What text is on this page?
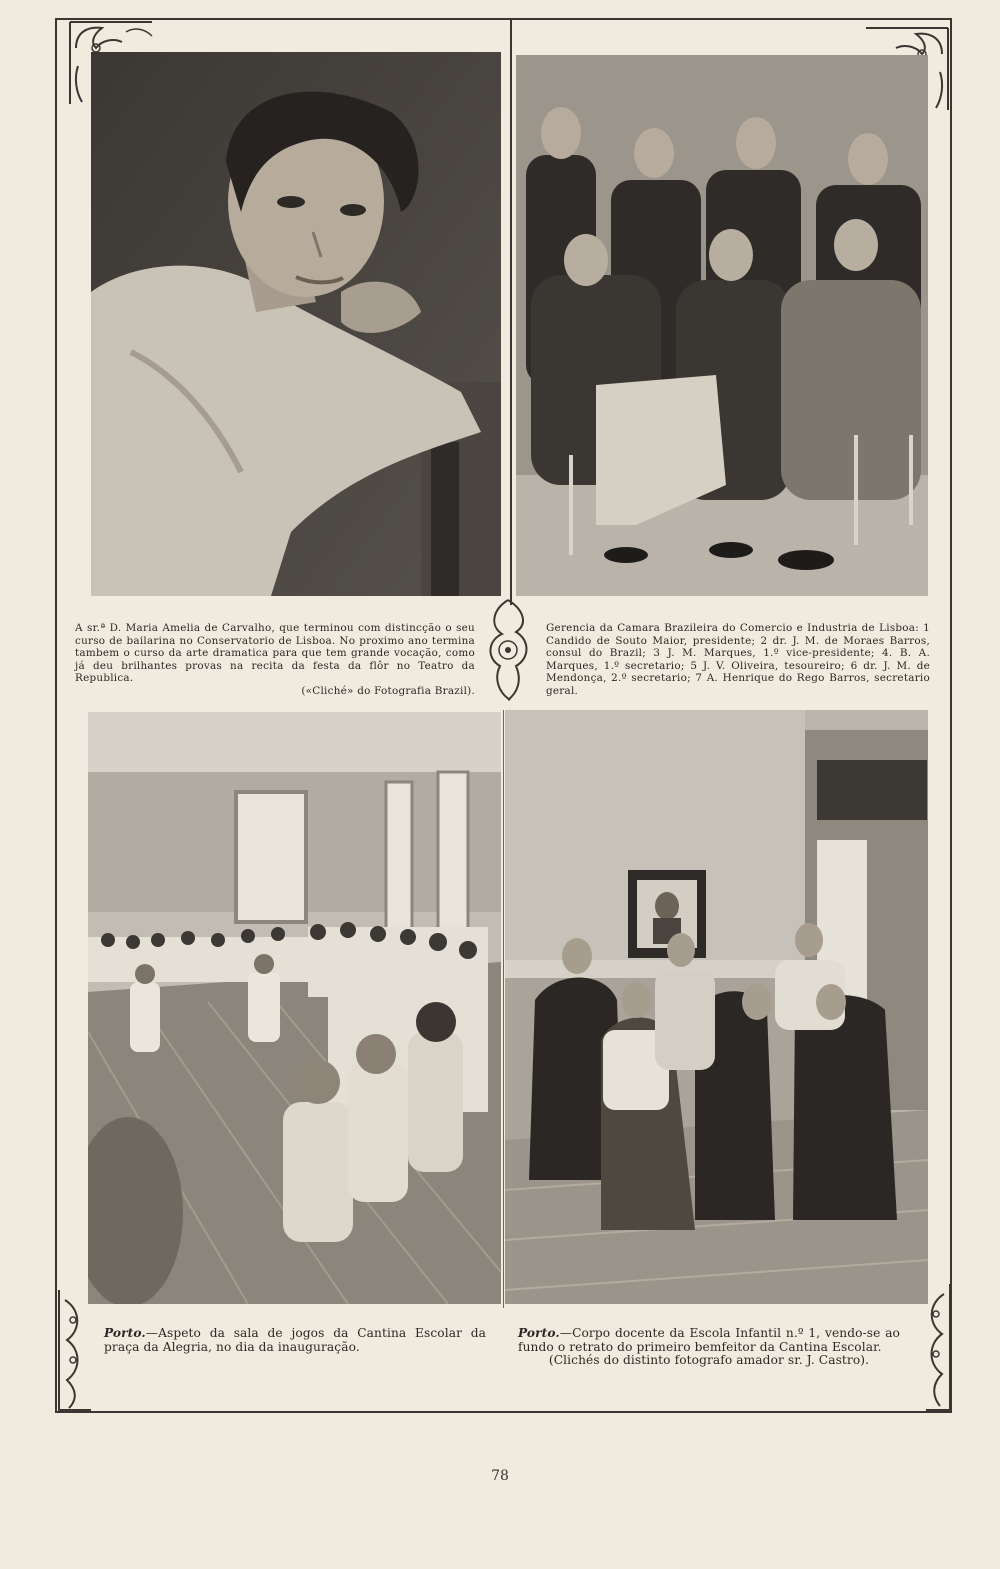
A sr.ª D. Maria Amelia de Carvalho, que terminou com distincção o seu curso de bailarina no Conservatorio de Lisboa. No proximo ano termina tambem o curso da arte dramatica para que tem grande vocação, como já deu brilhantes provas na recita da festa da flôr no Teatro da Republica.
(«Cliché» do Fotografia Brazil).
Gerencia da Camara Brazileira do Comercio e Industria de Lisboa: 1 Candido de Souto Maior, presidente; 2 dr. J. M. de Moraes Barros, consul do Brazil; 3 J. M. Marques, 1.º vice-presidente; 4. B. A. Marques, 1.º secretario; 5 J. V. Oliveira, tesoureiro; 6 dr. J. M. de Mendonça, 2.º secretario; 7 A. Henrique do Rego Barros, secretario geral.
Porto.—Aspeto da sala de jogos da Cantina Escolar da praça da Alegria, no dia da inauguração.
Porto.—Corpo docente da Escola Infantil n.º 1, vendo-se ao fundo o retrato do primeiro bemfeitor da Cantina Escolar.
(Clichés do distinto fotografo amador sr. J. Castro).
78
